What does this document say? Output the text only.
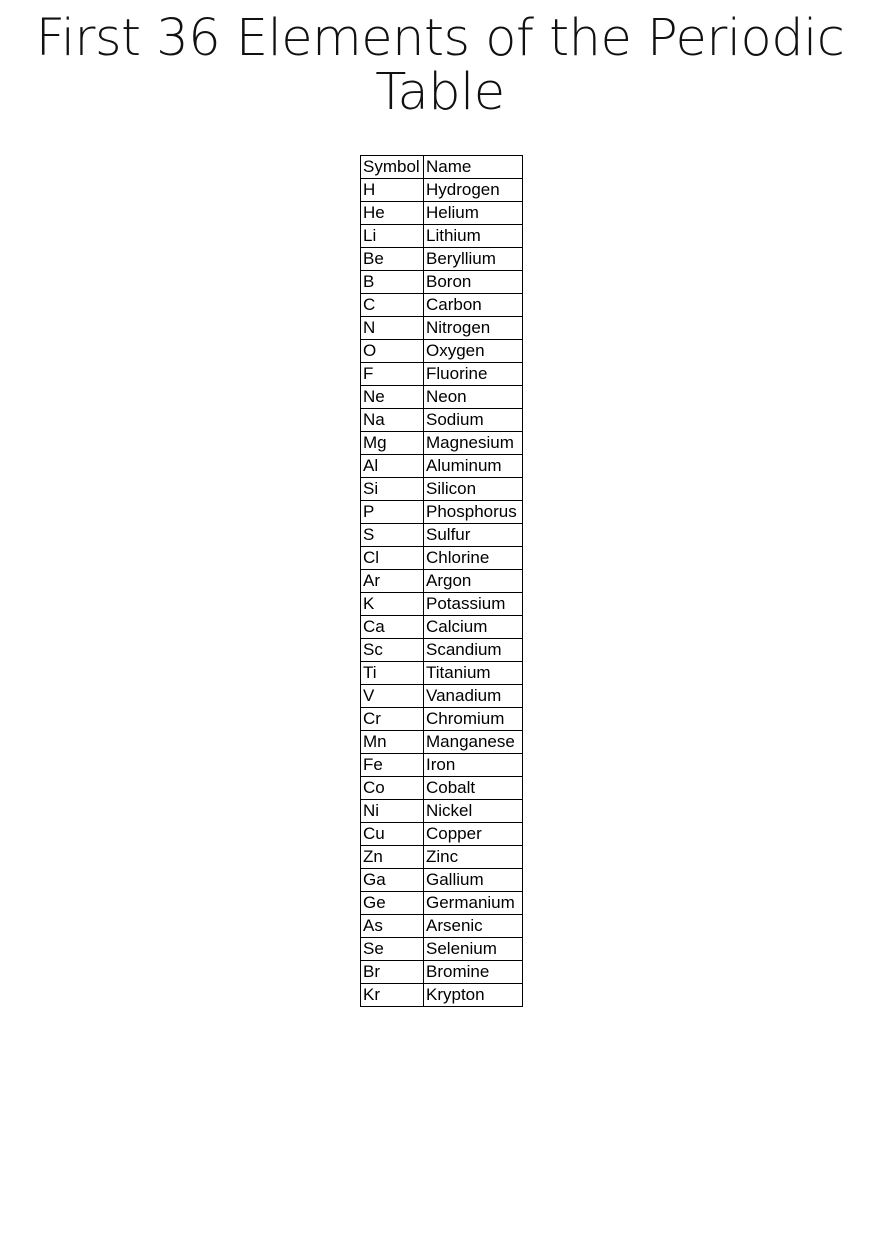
First 36 Elements of the Periodic
Table
Symbol	Name
H	Hydrogen
He	Helium
Li	Lithium
Be	Beryllium
B	Boron
C	Carbon
N	Nitrogen
O	Oxygen
F	Fluorine
Ne	Neon
Na	Sodium
Mg	Magnesium
Al	Aluminum
Si	Silicon
P	Phosphorus
S	Sulfur
Cl	Chlorine
Ar	Argon
K	Potassium
Ca	Calcium
Sc	Scandium
Ti	Titanium
V	Vanadium
Cr	Chromium
Mn	Manganese
Fe	Iron
Co	Cobalt
Ni	Nickel
Cu	Copper
Zn	Zinc
Ga	Gallium
Ge	Germanium
As	Arsenic
Se	Selenium
Br	Bromine
Kr	Krypton
